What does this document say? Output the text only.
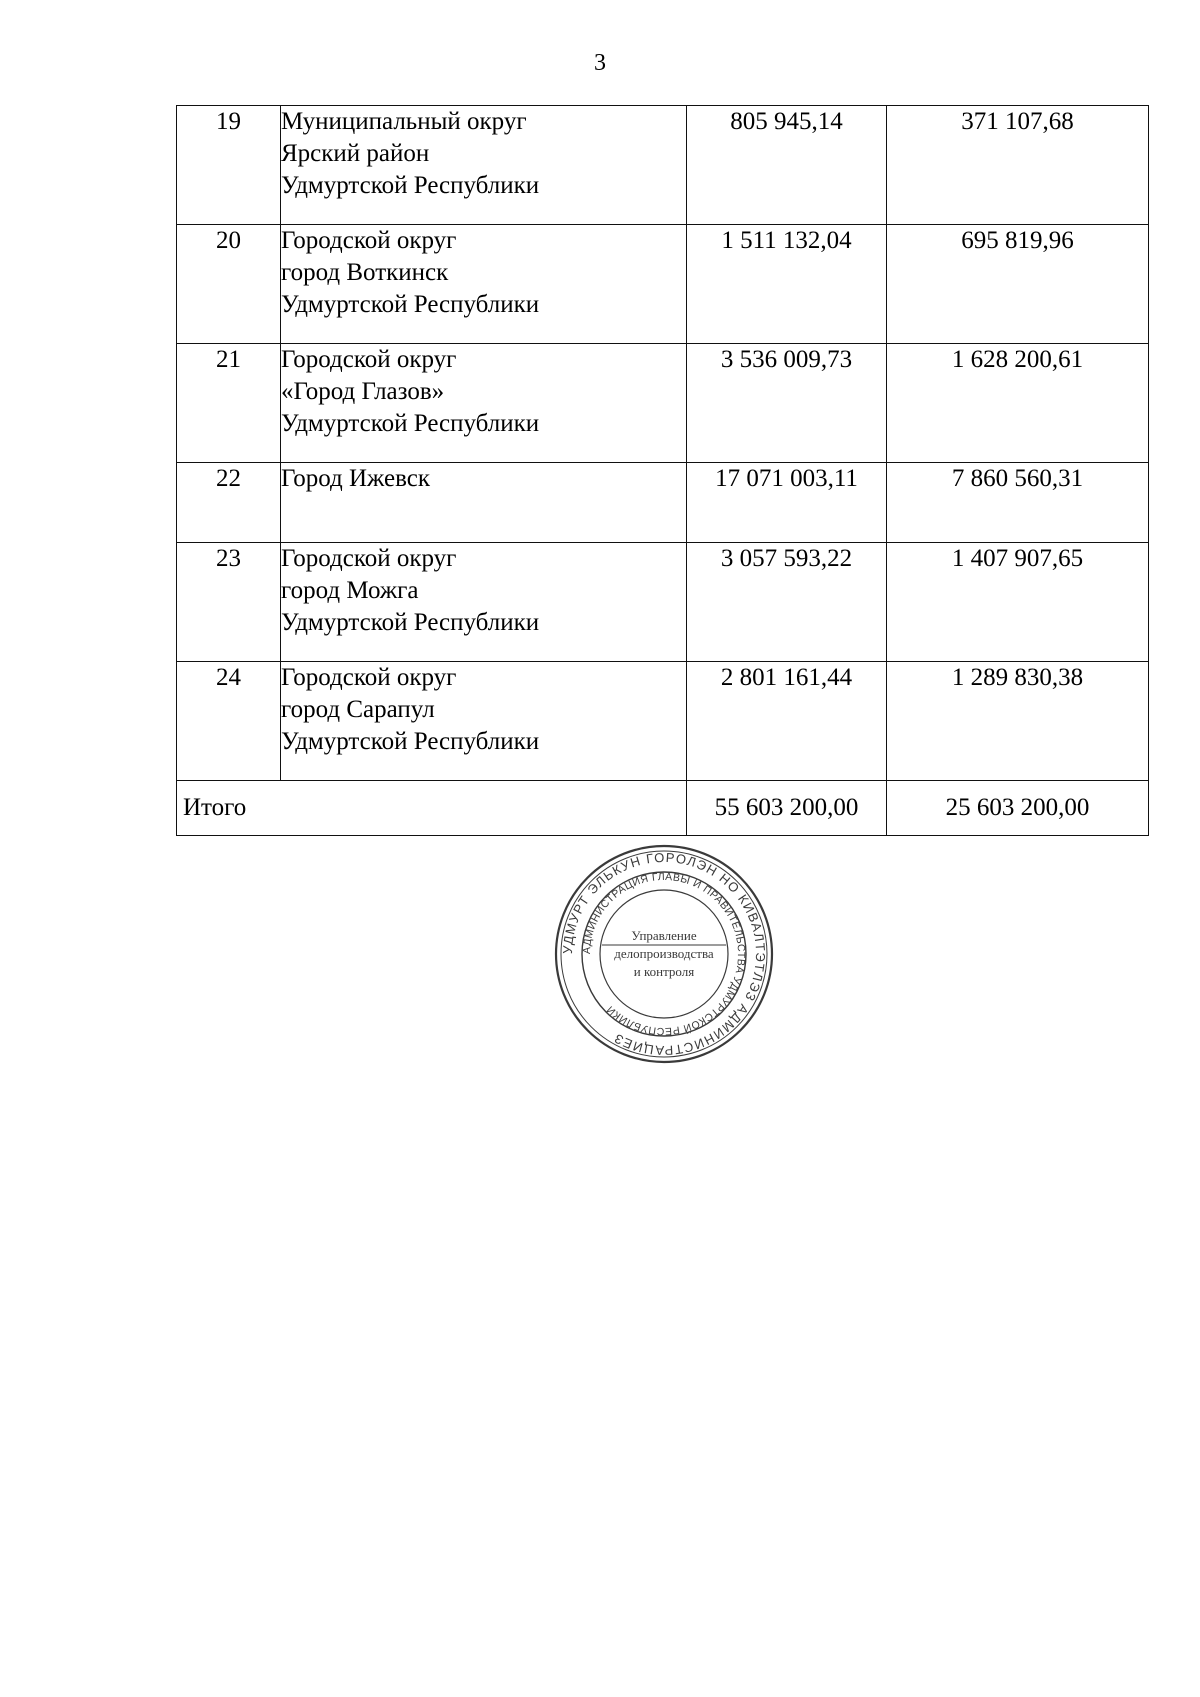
3
19	Муниципальный округ
Ярский район
Удмуртской Республики	805 945,14	371 107,68
20	Городской округ
город Воткинск
Удмуртской Республики	1 511 132,04	695 819,96
21	Городской округ
«Город Глазов»
Удмуртской Республики	3 536 009,73	1 628 200,61
22	Город Ижевск	17 071 003,11	7 860 560,31
23	Городской округ
город Можга
Удмуртской Республики	3 057 593,22	1 407 907,65
24	Городской округ
город Сарапул
Удмуртской Республики	2 801 161,44	1 289 830,38
Итого		55 603 200,00	25 603 200,00
УДМУРТ ЭЛЬКУН ГОРОЛЭН НО КИВАЛТЭТЛЭЗ АДМИНИСТРАЦИЕЗ
АДМИНИСТРАЦИЯ ГЛАВЫ И ПРАВИТЕЛЬСТВА УДМУРТСКОЙ РЕСПУБЛИКИ
Управление
делопроизводства
и контроля
